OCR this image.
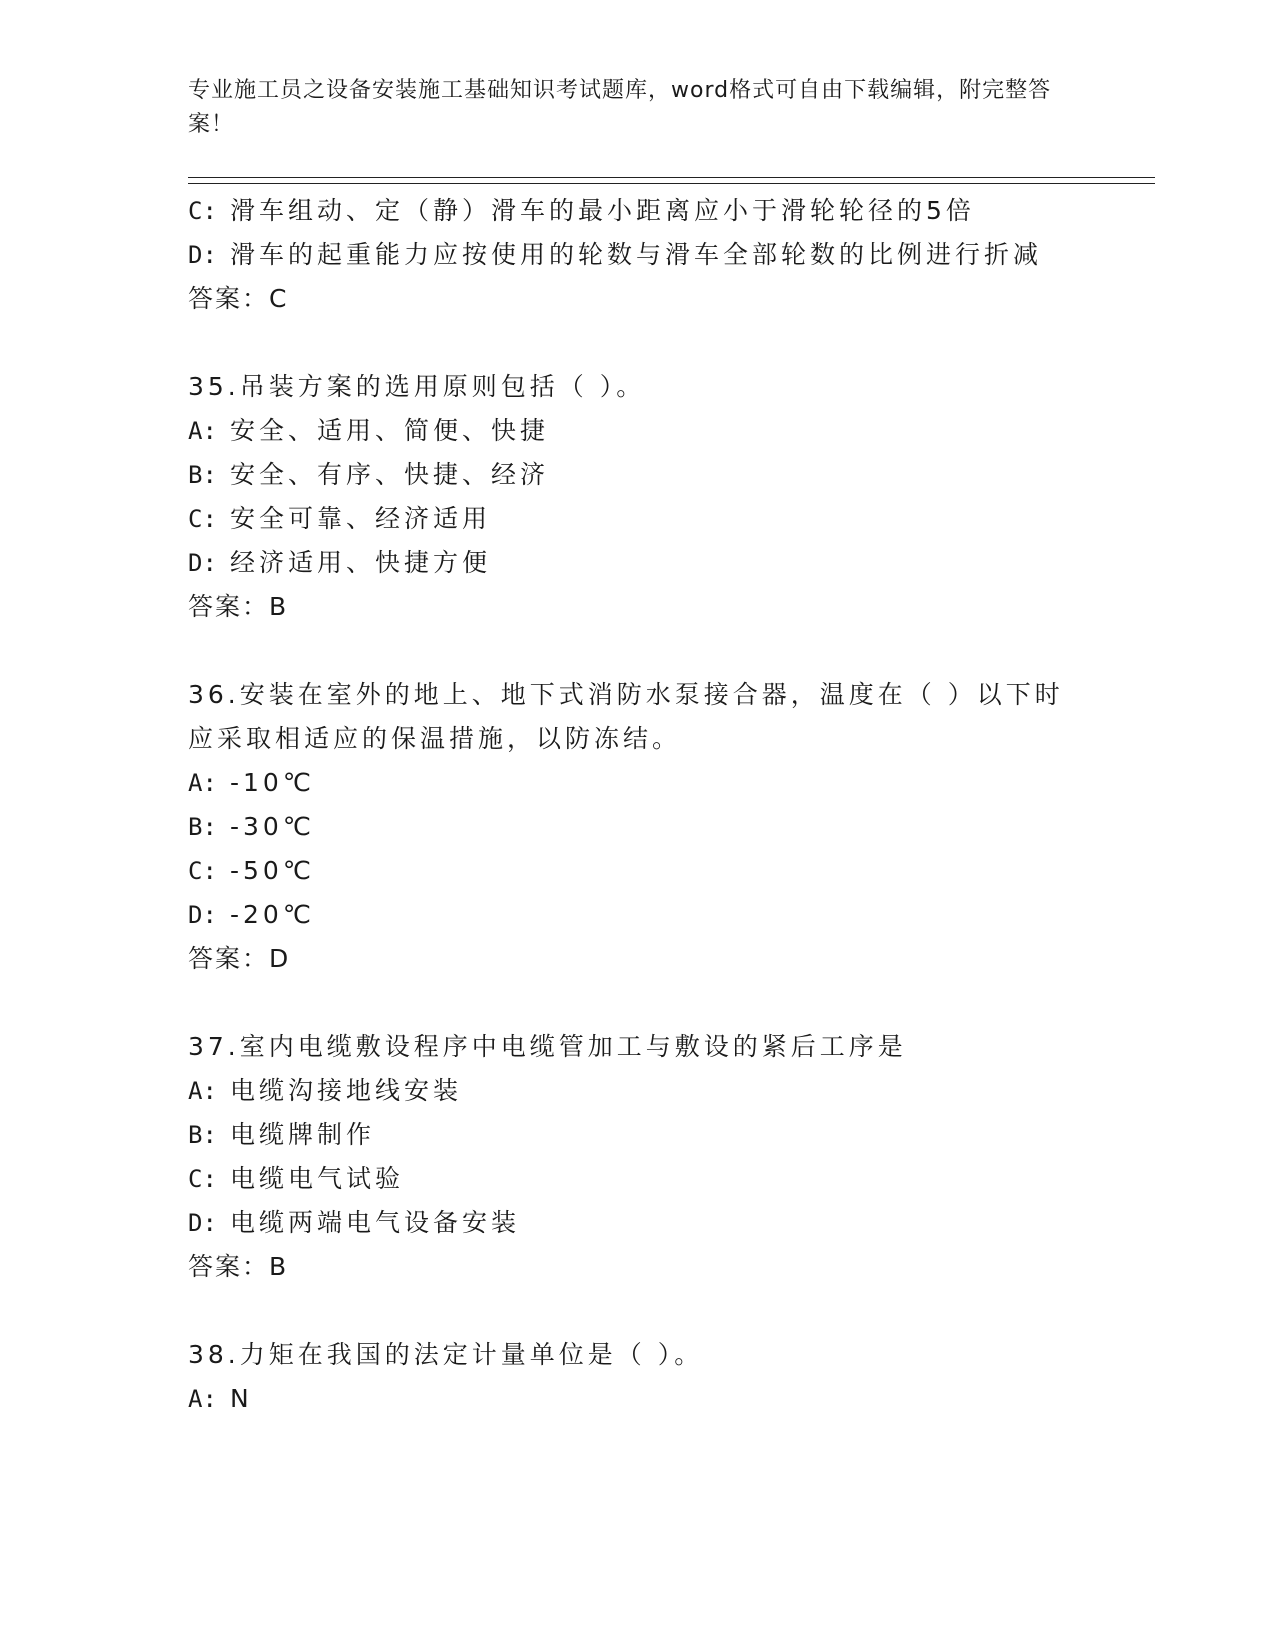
专业施工员之设备安装施工基础知识考试题库，word格式可自由下载编辑，附完整答案！
C: 滑车组动、定（静）滑车的最小距离应小于滑轮轮径的5倍
D: 滑车的起重能力应按使用的轮数与滑车全部轮数的比例进行折减
答案：C
35.吊装方案的选用原则包括（ ）。
A: 安全、适用、简便、快捷
B: 安全、有序、快捷、经济
C: 安全可靠、经济适用
D: 经济适用、快捷方便
答案：B
36.安装在室外的地上、地下式消防水泵接合器，温度在（ ）以下时
应采取相适应的保温措施，以防冻结。
A: -10℃
B: -30℃
C: -50℃
D: -20℃
答案：D
37.室内电缆敷设程序中电缆管加工与敷设的紧后工序是
A: 电缆沟接地线安装
B: 电缆牌制作
C: 电缆电气试验
D: 电缆两端电气设备安装
答案：B
38.力矩在我国的法定计量单位是（ ）。
A: N
